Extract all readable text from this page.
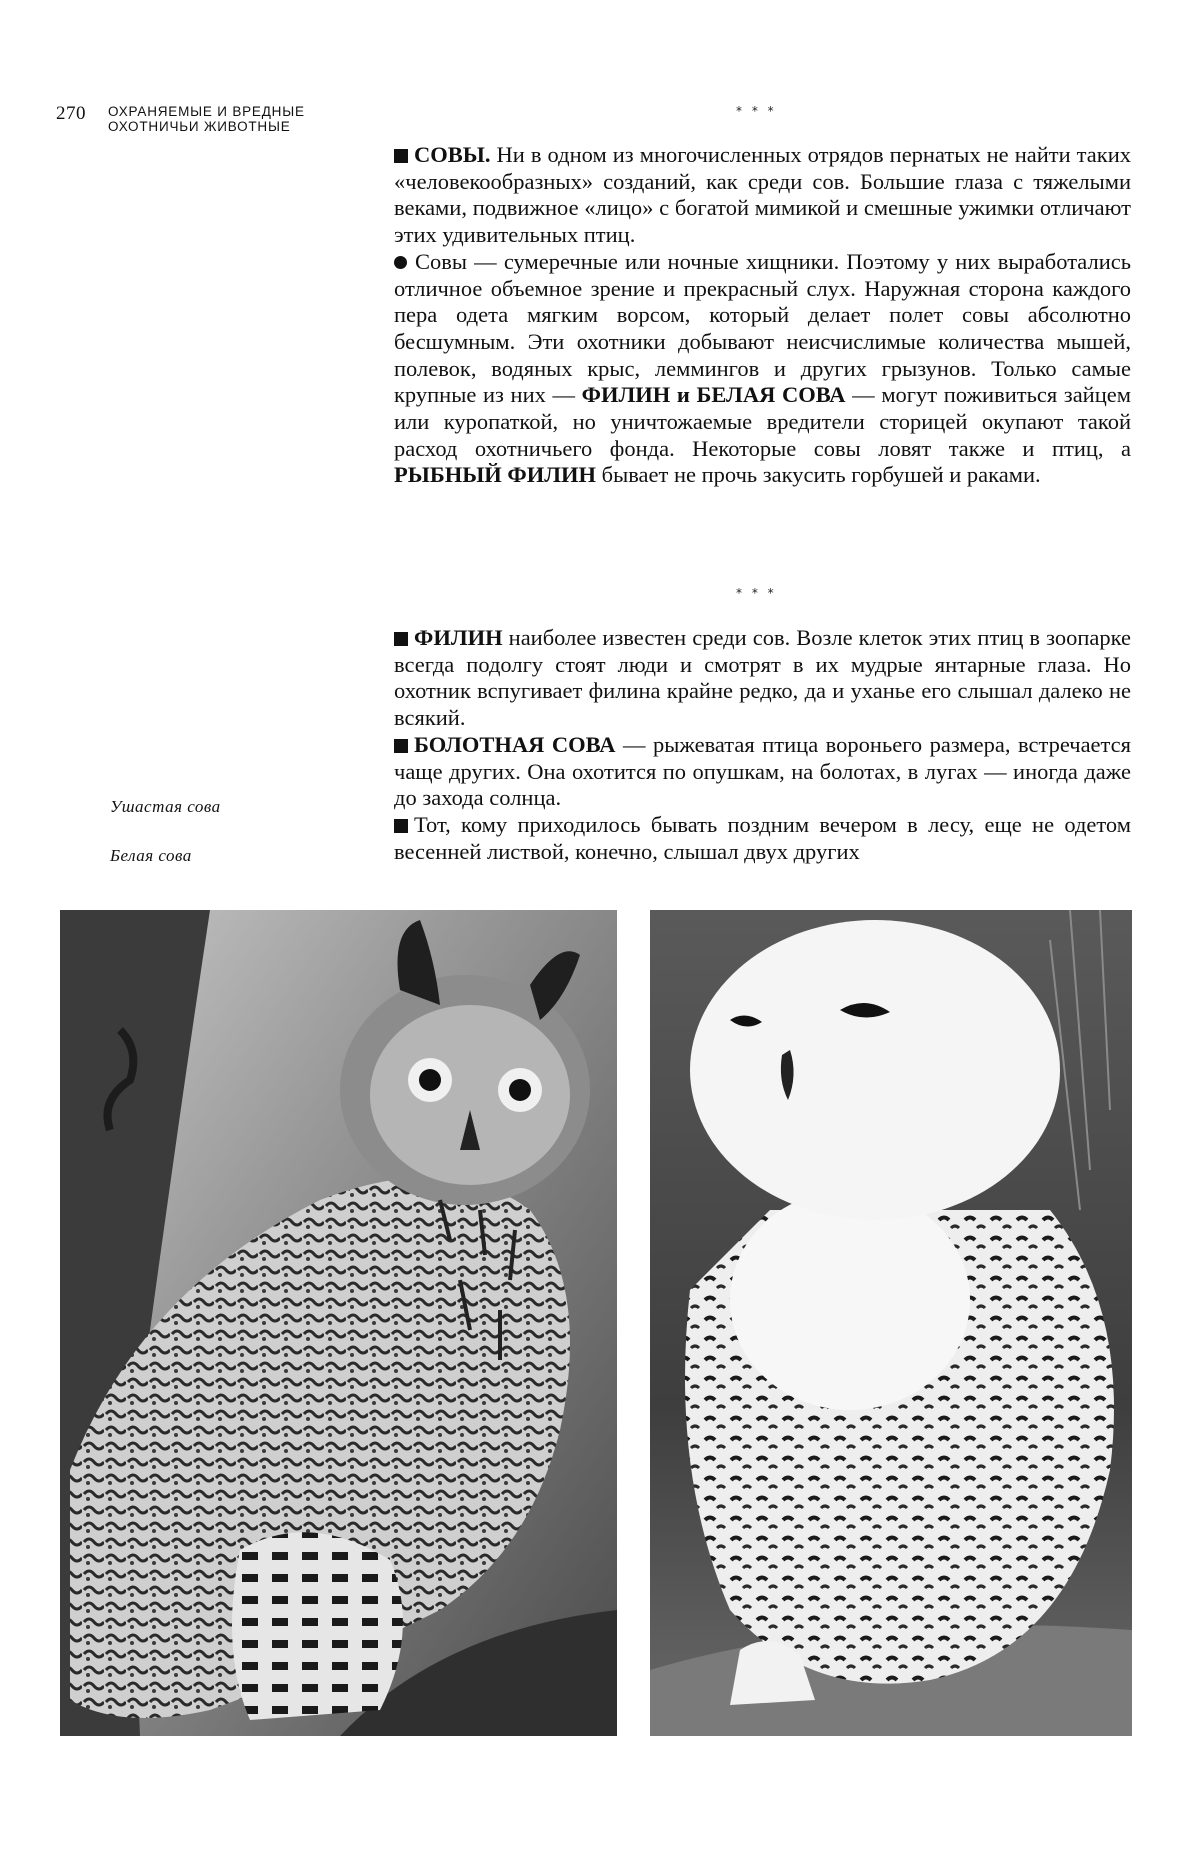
270 ОХРАНЯЕМЫЕ И ВРЕДНЫЕ
ОХОТНИЧЬИ ЖИВОТНЫЕ
* * *

СОВЫ. Ни в одном из многочисленных отрядов пернатых не найти таких «человекообразных» созданий, как среди сов. Большие глаза с тяжелыми веками, подвижное «лицо» с богатой мимикой и смешные ужимки отличают этих удивительных птиц.

Совы — сумеречные или ночные хищники. Поэтому у них выработались отличное объемное зрение и прекрасный слух. Наружная сторона каждого пера одета мягким ворсом, который делает полет совы абсолютно бесшумным. Эти охотники добывают неисчислимые количества мышей, полевок, водяных крыс, леммингов и других грызунов. Только самые крупные из них — ФИЛИН и БЕЛАЯ СОВА — могут поживиться зайцем или куропаткой, но уничтожаемые вредители сторицей окупают такой расход охотничьего фонда. Некоторые совы ловят также и птиц, а РЫБНЫЙ ФИЛИН бывает не прочь закусить горбушей и раками.

* * *

ФИЛИН наиболее известен среди сов. Возле клеток этих птиц в зоопарке всегда подолгу стоят люди и смотрят в их мудрые янтарные глаза. Но охотник вспугивает филина крайне редко, да и уханье его слышал далеко не всякий.

БОЛОТНАЯ СОВА — рыжеватая птица вороньего размера, встречается чаще других. Она охотится по опушкам, на болотах, в лугах — иногда даже до захода солнца.

Тот, кому приходилось бывать поздним вечером в лесу, еще не одетом весенней листвой, конечно, слышал двух других

Ушастая сова
Белая сова
